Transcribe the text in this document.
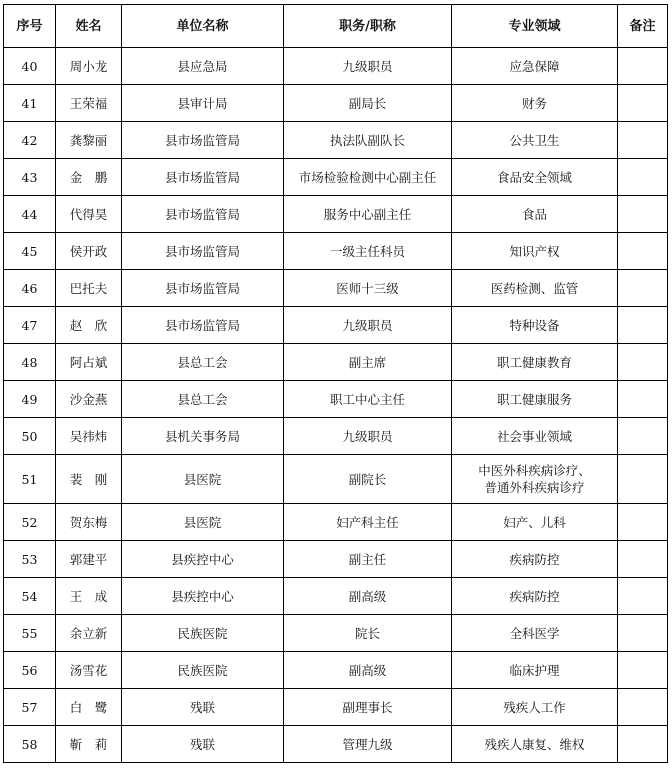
序号	姓名	单位名称	职务/职称	专业领域	备注
40	周小龙	县应急局	九级职员	应急保障	

41	王荣福	县审计局	副局长	财务	

42	龚黎丽	县市场监管局	执法队副队长	公共卫生	

43	金　鹏	县市场监管局	市场检验检测中心副主任	食品安全领域	

44	代得昊	县市场监管局	服务中心副主任	食品	

45	侯开政	县市场监管局	一级主任科员	知识产权	

46	巴托夫	县市场监管局	医师十三级	医药检测、监管	

47	赵　欣	县市场监管局	九级职员	特种设备	

48	阿占斌	县总工会	副主席	职工健康教育	

49	沙金燕	县总工会	职工中心主任	职工健康服务	

50	吴祎炜	县机关事务局	九级职员	社会事业领域	

51	裴　刚	县医院	副院长	中医外科疾病诊疗、
普通外科疾病诊疗	

52	贺东梅	县医院	妇产科主任	妇产、儿科	

53	郭建平	县疾控中心	副主任	疾病防控	

54	王　成	县疾控中心	副高级	疾病防控	

55	余立新	民族医院	院长	全科医学	

56	汤雪花	民族医院	副高级	临床护理	

57	白　鹭	残联	副理事长	残疾人工作	

58	靳　莉	残联	管理九级	残疾人康复、维权	
